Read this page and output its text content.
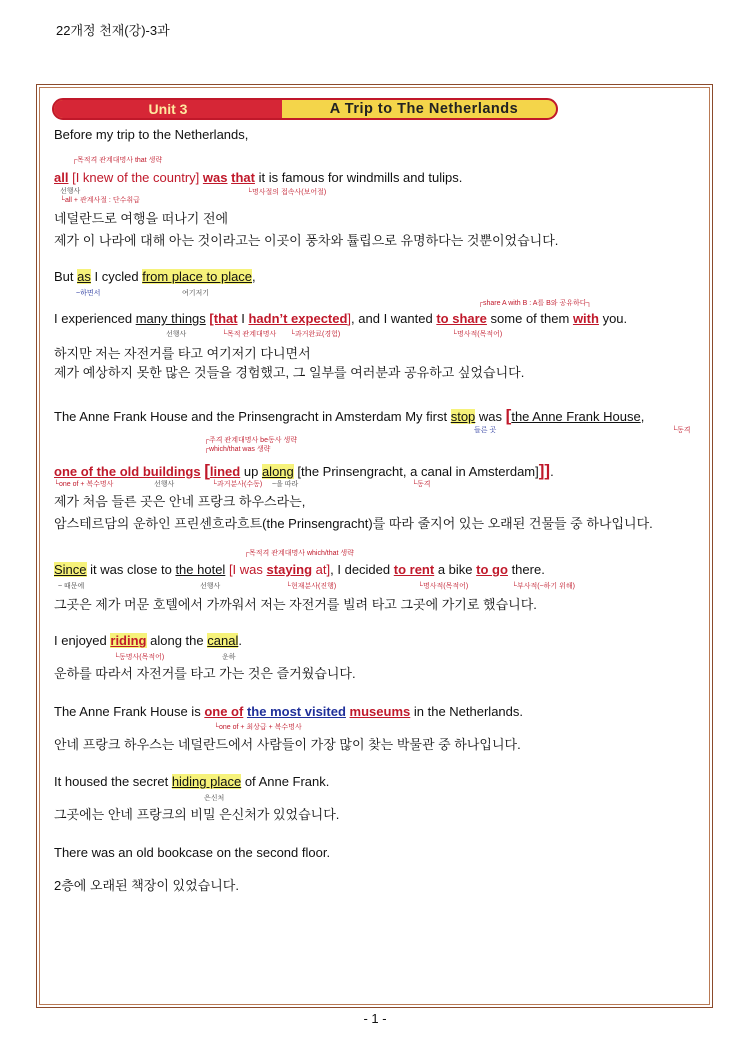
22개정 천재(강)-3과
Unit 3	A Trip to The Netherlands
Before my trip to the Netherlands,
┌목적격 관계대명사 that 생략
all [I knew of the country] was that it is famous for windmills and tulips.
선행사
└all + 관계사절 : 단수취급
└명사절의 접속사(보어절)
네덜란드로 여행을 떠나기 전에
제가 이 나라에 대해 아는 것이라고는 이곳이 풍차와 튤립으로 유명하다는 것뿐이었습니다.
But as I cycled from place to place,
~하면서	여기저기
┌share A with B : A를 B와 공유하다┐
I experienced many things [that I hadn’t expected], and I wanted to share some of them with you.
선행사	└목적 관계대명사 └과거완료(경험)	└명사적(목적어)
하지만 저는 자전거를 타고 여기저기 다니면서
제가 예상하지 못한 많은 것들을 경험했고, 그 일부를 여러분과 공유하고 싶었습니다.
The Anne Frank House and the Prinsengracht in Amsterdam My first stop was [the Anne Frank House,
들른 곳	└동격
┌주격 관계대명사 be동사 생략
┌which/that was 생략
one of the old buildings [lined up along [the Prinsengracht, a canal in Amsterdam]]].
└one of + 복수명사	선행사	└과거분사(수동) ~을 따라	└동격
제가 처음 들른 곳은 안네 프랑크 하우스라는,
암스테르담의 운하인 프린센흐라흐트(the Prinsengracht)를 따라 줄지어 있는 오래된 건물들 중 하나입니다.
┌목적격 관계대명사 which/that 생략
Since it was close to the hotel [I was staying at], I decided to rent a bike to go there.
~ 때문에	선행사	└현재분사(진행)	└명사적(목적어)	└부사적(~하기 위해)
그곳은 제가 머문 호텔에서 가까워서 저는 자전거를 빌려 타고 그곳에 가기로 했습니다.
I enjoyed riding along the canal.
└동명사(목적어)	운하
운하를 따라서 자전거를 타고 가는 것은 즐거웠습니다.
The Anne Frank House is one of the most visited museums in the Netherlands.
└one of + 최상급 + 복수명사
안네 프랑크 하우스는 네덜란드에서 사람들이 가장 많이 찾는 박물관 중 하나입니다.
It housed the secret hiding place of Anne Frank.
은신처
그곳에는 안네 프랑크의 비밀 은신처가 있었습니다.
There was an old bookcase on the second floor.
2층에 오래된 책장이 있었습니다.
- 1 -
